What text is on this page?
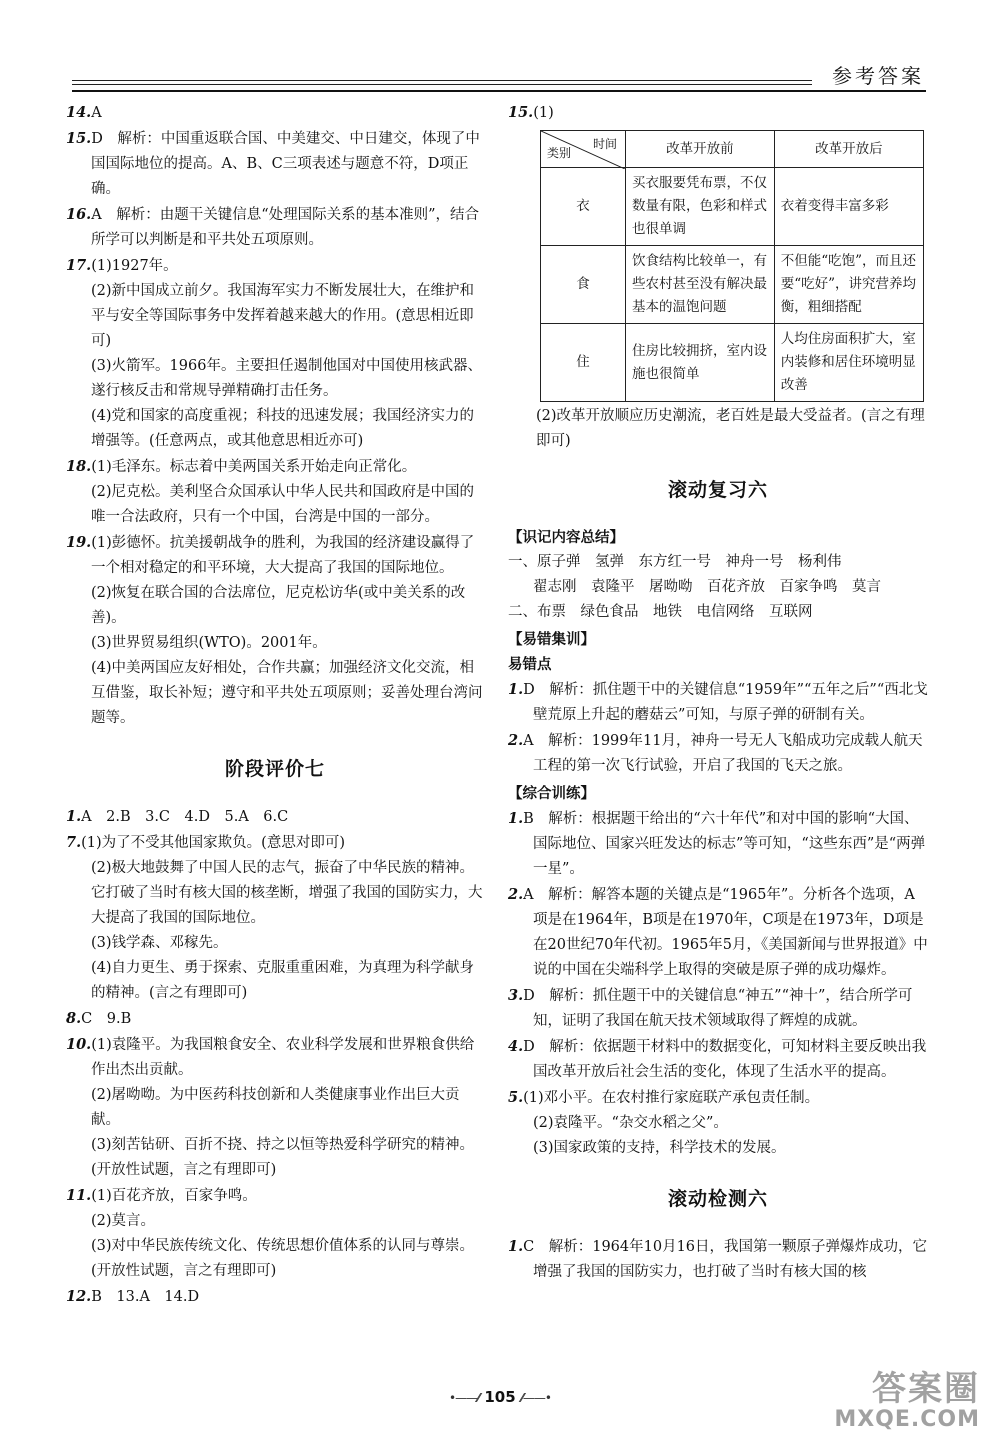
参考答案

14.A

15.D　解析：中国重返联合国、中美建交、中日建交，体现了中国国际地位的提高。A、B、C三项表述与题意不符，D项正确。

16.A　解析：由题干关键信息“处理国际关系的基本准则”，结合所学可以判断是和平共处五项原则。

17.(1)1927年。

(2)新中国成立前夕。我国海军实力不断发展壮大，在维护和平与安全等国际事务中发挥着越来越大的作用。(意思相近即可)

(3)火箭军。1966年。主要担任遏制他国对中国使用核武器、遂行核反击和常规导弹精确打击任务。

(4)党和国家的高度重视；科技的迅速发展；我国经济实力的增强等。(任意两点，或其他意思相近亦可)

18.(1)毛泽东。标志着中美两国关系开始走向正常化。

(2)尼克松。美利坚合众国承认中华人民共和国政府是中国的唯一合法政府，只有一个中国，台湾是中国的一部分。

19.(1)彭德怀。抗美援朝战争的胜利，为我国的经济建设赢得了一个相对稳定的和平环境，大大提高了我国的国际地位。

(2)恢复在联合国的合法席位，尼克松访华(或中美关系的改善)。

(3)世界贸易组织(WTO)。2001年。

(4)中美两国应友好相处，合作共赢；加强经济文化交流，相互借鉴，取长补短；遵守和平共处五项原则；妥善处理台湾问题等。

阶段评价七

1.A　2.B　3.C　4.D　5.A　6.C

7.(1)为了不受其他国家欺负。(意思对即可)

(2)极大地鼓舞了中国人民的志气，振奋了中华民族的精神。它打破了当时有核大国的核垄断，增强了我国的国防实力，大大提高了我国的国际地位。

(3)钱学森、邓稼先。

(4)自力更生、勇于探索、克服重重困难，为真理为科学献身的精神。(言之有理即可)

8.C　9.B

10.(1)袁隆平。为我国粮食安全、农业科学发展和世界粮食供给作出杰出贡献。

(2)屠呦呦。为中医药科技创新和人类健康事业作出巨大贡献。

(3)刻苦钻研、百折不挠、持之以恒等热爱科学研究的精神。(开放性试题，言之有理即可)

11.(1)百花齐放，百家争鸣。

(2)莫言。

(3)对中华民族传统文化、传统思想价值体系的认同与尊崇。(开放性试题，言之有理即可)

12.B　13.A　14.D

15.(1)

时间
类别	改革开放前	改革开放后
衣	买衣服要凭布票，不仅数量有限，色彩和样式也很单调	衣着变得丰富多彩
食	饮食结构比较单一，有些农村甚至没有解决最基本的温饱问题	不但能“吃饱”，而且还要“吃好”，讲究营养均衡，粗细搭配
住	住房比较拥挤，室内设施也很简单	人均住房面积扩大，室内装修和居住环境明显改善

(2)改革开放顺应历史潮流，老百姓是最大受益者。(言之有理即可)

滚动复习六

【识记内容总结】

一、原子弹　氢弹　东方红一号　神舟一号　杨利伟

翟志刚　袁隆平　屠呦呦　百花齐放　百家争鸣　莫言

二、布票　绿色食品　地铁　电信网络　互联网

【易错集训】

易错点

1.D　解析：抓住题干中的关键信息“1959年”“五年之后”“西北戈壁荒原上升起的蘑菇云”可知，与原子弹的研制有关。

2.A　解析：1999年11月，神舟一号无人飞船成功完成载人航天工程的第一次飞行试验，开启了我国的飞天之旅。

【综合训练】

1.B　解析：根据题干给出的“六十年代”和对中国的影响“大国、国际地位、国家兴旺发达的标志”等可知，“这些东西”是“两弹一星”。

2.A　解析：解答本题的关键点是“1965年”。分析各个选项，A项是在1964年，B项是在1970年，C项是在1973年，D项是在20世纪70年代初。1965年5月，《美国新闻与世界报道》中说的中国在尖端科学上取得的突破是原子弹的成功爆炸。

3.D　解析：抓住题干中的关键信息“神五”“神十”，结合所学可知，证明了我国在航天技术领域取得了辉煌的成就。

4.D　解析：依据题干材料中的数据变化，可知材料主要反映出我国改革开放后社会生活的变化，体现了生活水平的提高。

5.(1)邓小平。在农村推行家庭联产承包责任制。

(2)袁隆平。“杂交水稻之父”。

(3)国家政策的支持，科学技术的发展。

滚动检测六

1.C　解析：1964年10月16日，我国第一颗原子弹爆炸成功，它增强了我国的国防实力，也打破了当时有核大国的核

•——⁄⁄ 105 ⁄⁄——•	答案圈
MXQE.COM
